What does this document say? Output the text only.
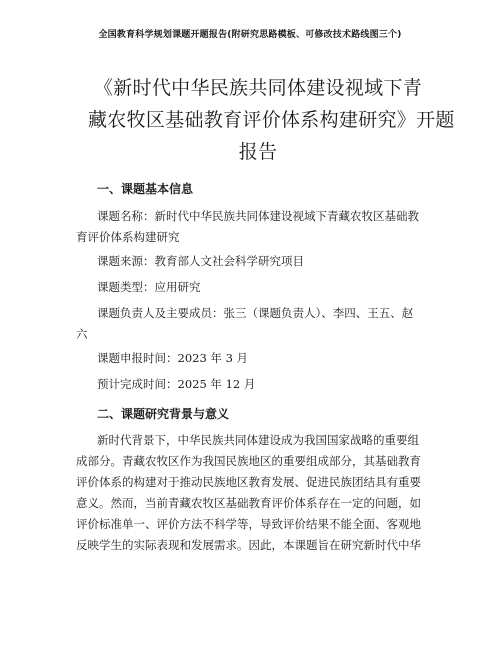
全国教育科学规划课题开题报告(附研究思路模板、可修改技术路线图三个)
《新时代中华民族共同体建设视域下青
藏农牧区基础教育评价体系构建研究》开题
报告
一、课题基本信息
课题名称：新时代中华民族共同体建设视域下青藏农牧区基础教
育评价体系构建研究
课题来源：教育部人文社会科学研究项目
课题类型：应用研究
课题负责人及主要成员：张三（课题负责人）、李四、王五、赵
六
课题申报时间：2023 年 3 月
预计完成时间：2025 年 12 月
二、课题研究背景与意义
新时代背景下，中华民族共同体建设成为我国国家战略的重要组
成部分。青藏农牧区作为我国民族地区的重要组成部分，其基础教育
评价体系的构建对于推动民族地区教育发展、促进民族团结具有重要
意义。然而，当前青藏农牧区基础教育评价体系存在一定的问题，如
评价标准单一、评价方法不科学等，导致评价结果不能全面、客观地
反映学生的实际表现和发展需求。因此，本课题旨在研究新时代中华
